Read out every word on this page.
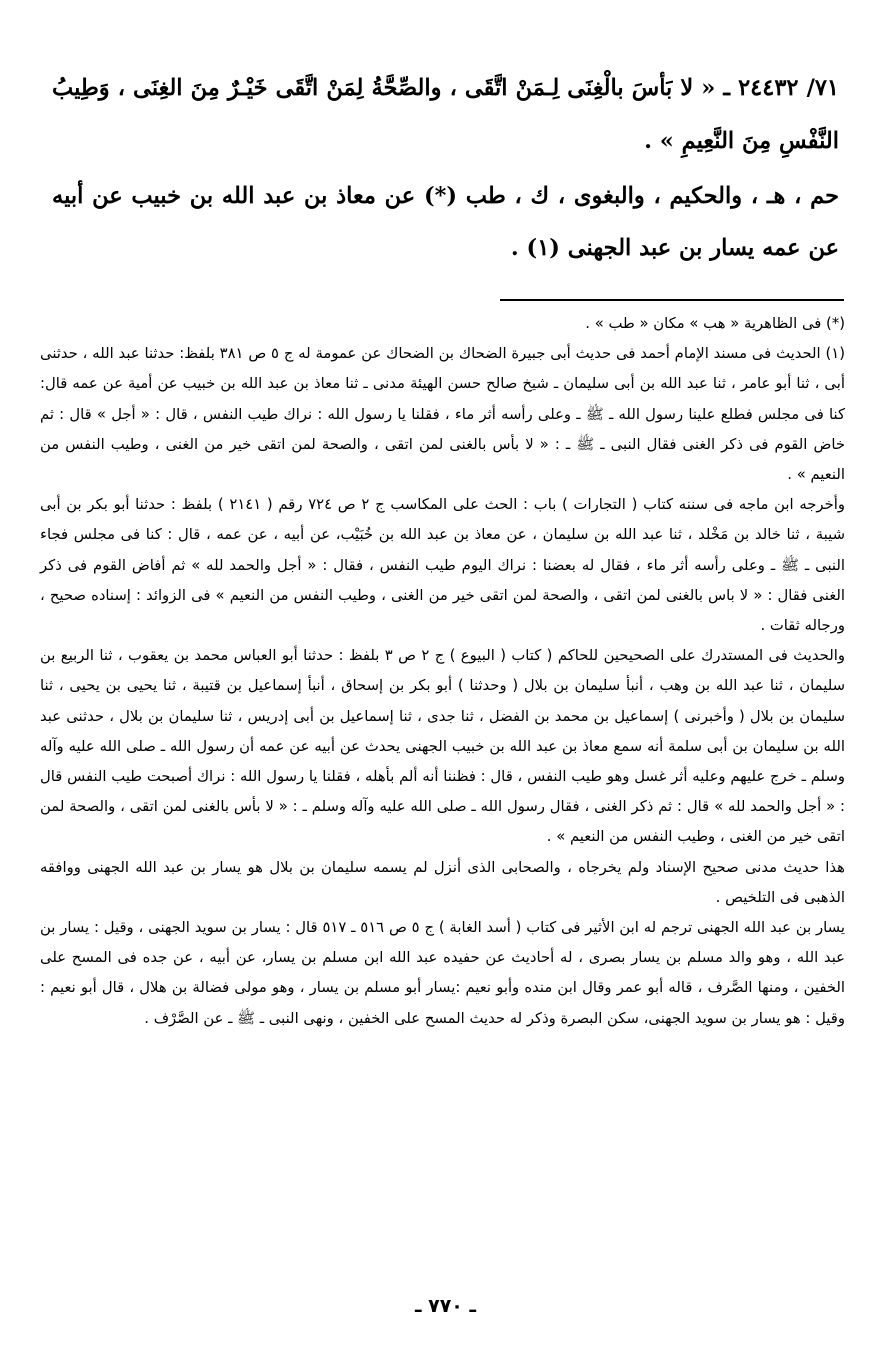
٧١/ ٢٤٤٣٢ ـ « لا بَأسَ بالْغِنَى لِـمَنْ اتَّقَى ، والصِّحَّةُ لِمَنْ اتَّقَى خَيْـرٌ مِنَ الغِنَى ، وَطِيبُ النَّفْسِ مِنَ النَّعِيمِ » .

حم ، هـ ، والحكيم ، والبغوى ، ك ، طب (*) عن معاذ بن عبد الله بن خبيب عن أبيه عن عمه يسار بن عبد الجهنى (١) .

(*) فى الظاهرية « هب » مكان « طب » .

(١) الحديث فى مسند الإمام أحمد فى حديث أبى جبيرة الضحاك بن الضحاك عن عمومة له ج ٥ ص ٣٨١ بلفظ: حدثنا عبد الله ، حدثنى أبى ، ثنا أبو عامر ، ثنا عبد الله بن أبى سليمان ـ شيخ صالح حسن الهيئة مدنى ـ ثنا معاذ بن عبد الله بن خبيب عن أمية عن عمه قال: كنا فى مجلس فطلع علينا رسول الله ـ ﷺ ـ وعلى رأسه أثر ماء ، فقلنا يا رسول الله : نراك طيب النفس ، قال : « أجل » قال : ثم خاض القوم فى ذكر الغنى فقال النبى ـ ﷺ ـ : « لا بأس بالغنى لمن اتقى ، والصحة لمن اتقى خير من الغنى ، وطيب النفس من النعيم » .

وأخرجه ابن ماجه فى سننه كتاب ( التجارات ) باب : الحث على المكاسب ج ٢ ص ٧٢٤ رقم ( ٢١٤١ ) بلفظ : حدثنا أبو بكر بن أبى شيبة ، ثنا خالد بن مَخْلد ، ثنا عبد الله بن سليمان ، عن معاذ بن عبد الله بن خُبَيْب، عن أبيه ، عن عمه ، قال : كنا فى مجلس فجاء النبى ـ ﷺ ـ وعلى رأسه أثر ماء ، فقال له بعضنا : نراك اليوم طيب النفس ، فقال : « أجل والحمد لله » ثم أفاض القوم فى ذكر الغنى فقال : « لا باس بالغنى لمن اتقى ، والصحة لمن اتقى خير من الغنى ، وطيب النفس من النعيم » فى الزوائد : إسناده صحيح ، ورجاله ثقات .

والحديث فى المستدرك على الصحيحين للحاكم ( كتاب ( البيوع ) ج ٢ ص ٣ بلفظ : حدثنا أبو العباس محمد بن يعقوب ، ثنا الربيع بن سليمان ، ثنا عبد الله بن وهب ، أنبأ سليمان بن بلال ( وحدثنا ) أبو بكر بن إسحاق ، أنبأ إسماعيل بن قتيبة ، ثنا يحيى بن يحيى ، ثنا سليمان بن بلال ( وأخبرنى ) إسماعيل بن محمد بن الفضل ، ثنا جدى ، ثنا إسماعيل بن أبى إدريس ، ثنا سليمان بن بلال ، حدثنى عبد الله بن سليمان بن أبى سلمة أنه سمع معاذ بن عبد الله بن خبيب الجهنى يحدث عن أبيه عن عمه أن رسول الله ـ صلى الله عليه وآله وسلم ـ خرج عليهم وعليه أثر غسل وهو طيب النفس ، قال : فظننا أنه ألم بأهله ، فقلنا يا رسول الله : نراك أصبحت طيب النفس قال : « أجل والحمد لله » قال : ثم ذكر الغنى ، فقال رسول الله ـ صلى الله عليه وآله وسلم ـ : « لا بأس بالغنى لمن اتقى ، والصحة لمن اتقى خير من الغنى ، وطيب النفس من النعيم » .

هذا حديث مدنى صحيح الإسناد ولم يخرجاه ، والصحابى الذى أنزل لم يسمه سليمان بن بلال هو يسار بن عبد الله الجهنى ووافقه الذهبى فى التلخيص .

يسار بن عبد الله الجهنى ترجم له ابن الأثير فى كتاب ( أسد الغابة ) ج ٥ ص ٥١٦ ـ ٥١٧ قال : يسار بن سويد الجهنى ، وقيل : يسار بن عبد الله ، وهو والد مسلم بن يسار بصرى ، له أحاديث عن حفيده عبد الله ابن مسلم بن يسار، عن أبيه ، عن جده فى المسح على الخفين ، ومنها الصَّرف ، قاله أبو عمر وقال ابن منده وأبو نعيم :يسار أبو مسلم بن يسار ، وهو مولى فضالة بن هلال ، قال أبو نعيم : وقيل : هو يسار بن سويد الجهنى، سكن البصرة وذكر له حديث المسح على الخفين ، ونهى النبى ـ ﷺ ـ عن الصَّرْف .

ـ ٧٧٠ ـ
